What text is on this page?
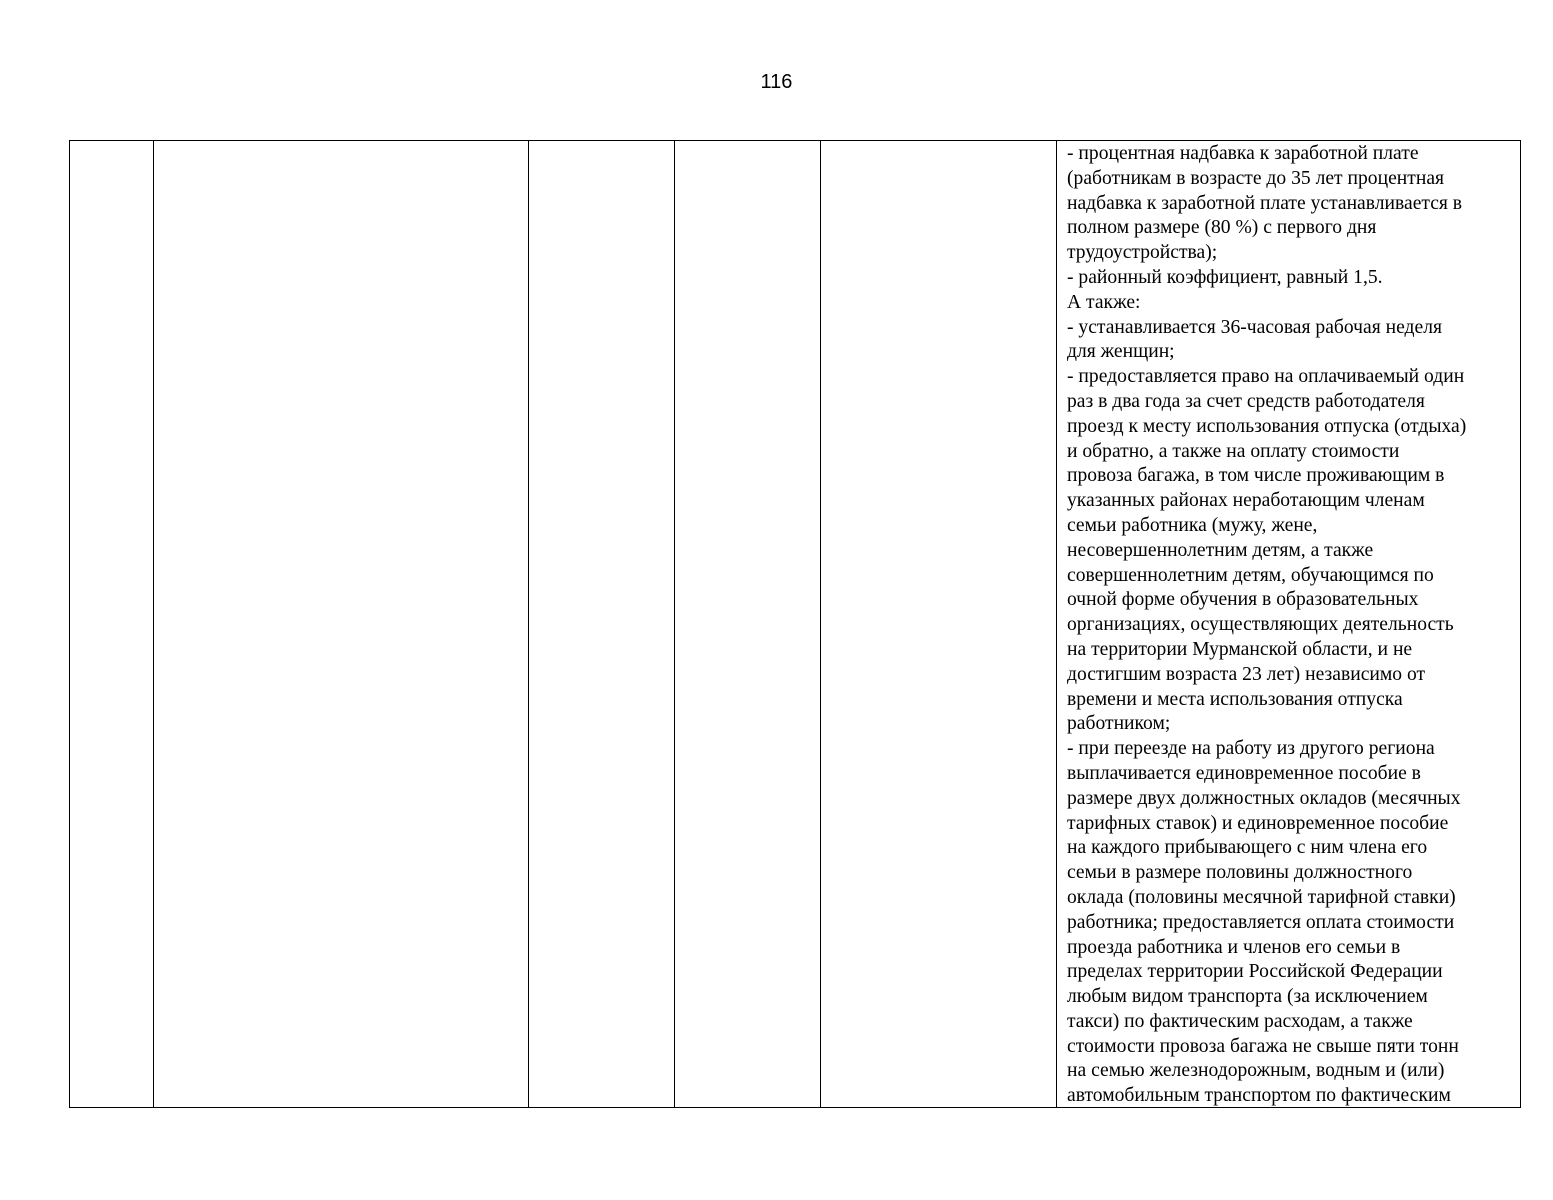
116

- процентная надбавка к заработной плате
(работникам в возрасте до 35 лет процентная
надбавка к заработной плате устанавливается в
полном размере (80 %) с первого дня
трудоустройства);
- районный коэффициент, равный 1,5.
А также:
- устанавливается 36-часовая рабочая неделя
для женщин;
- предоставляется право на оплачиваемый один
раз в два года за счет средств работодателя
проезд к месту использования отпуска (отдыха)
и обратно, а также на оплату стоимости
провоза багажа, в том числе проживающим в
указанных районах неработающим членам
семьи работника (мужу, жене,
несовершеннолетним детям, а также
совершеннолетним детям, обучающимся по
очной форме обучения в образовательных
организациях, осуществляющих деятельность
на территории Мурманской области, и не
достигшим возраста 23 лет) независимо от
времени и места использования отпуска
работником;
- при переезде на работу из другого региона
выплачивается единовременное пособие в
размере двух должностных окладов (месячных
тарифных ставок) и единовременное пособие
на каждого прибывающего с ним члена его
семьи в размере половины должностного
оклада (половины месячной тарифной ставки)
работника; предоставляется оплата стоимости
проезда работника и членов его семьи в
пределах территории Российской Федерации
любым видом транспорта (за исключением
такси) по фактическим расходам, а также
стоимости провоза багажа не свыше пяти тонн
на семью железнодорожным, водным и (или)
автомобильным транспортом по фактическим
